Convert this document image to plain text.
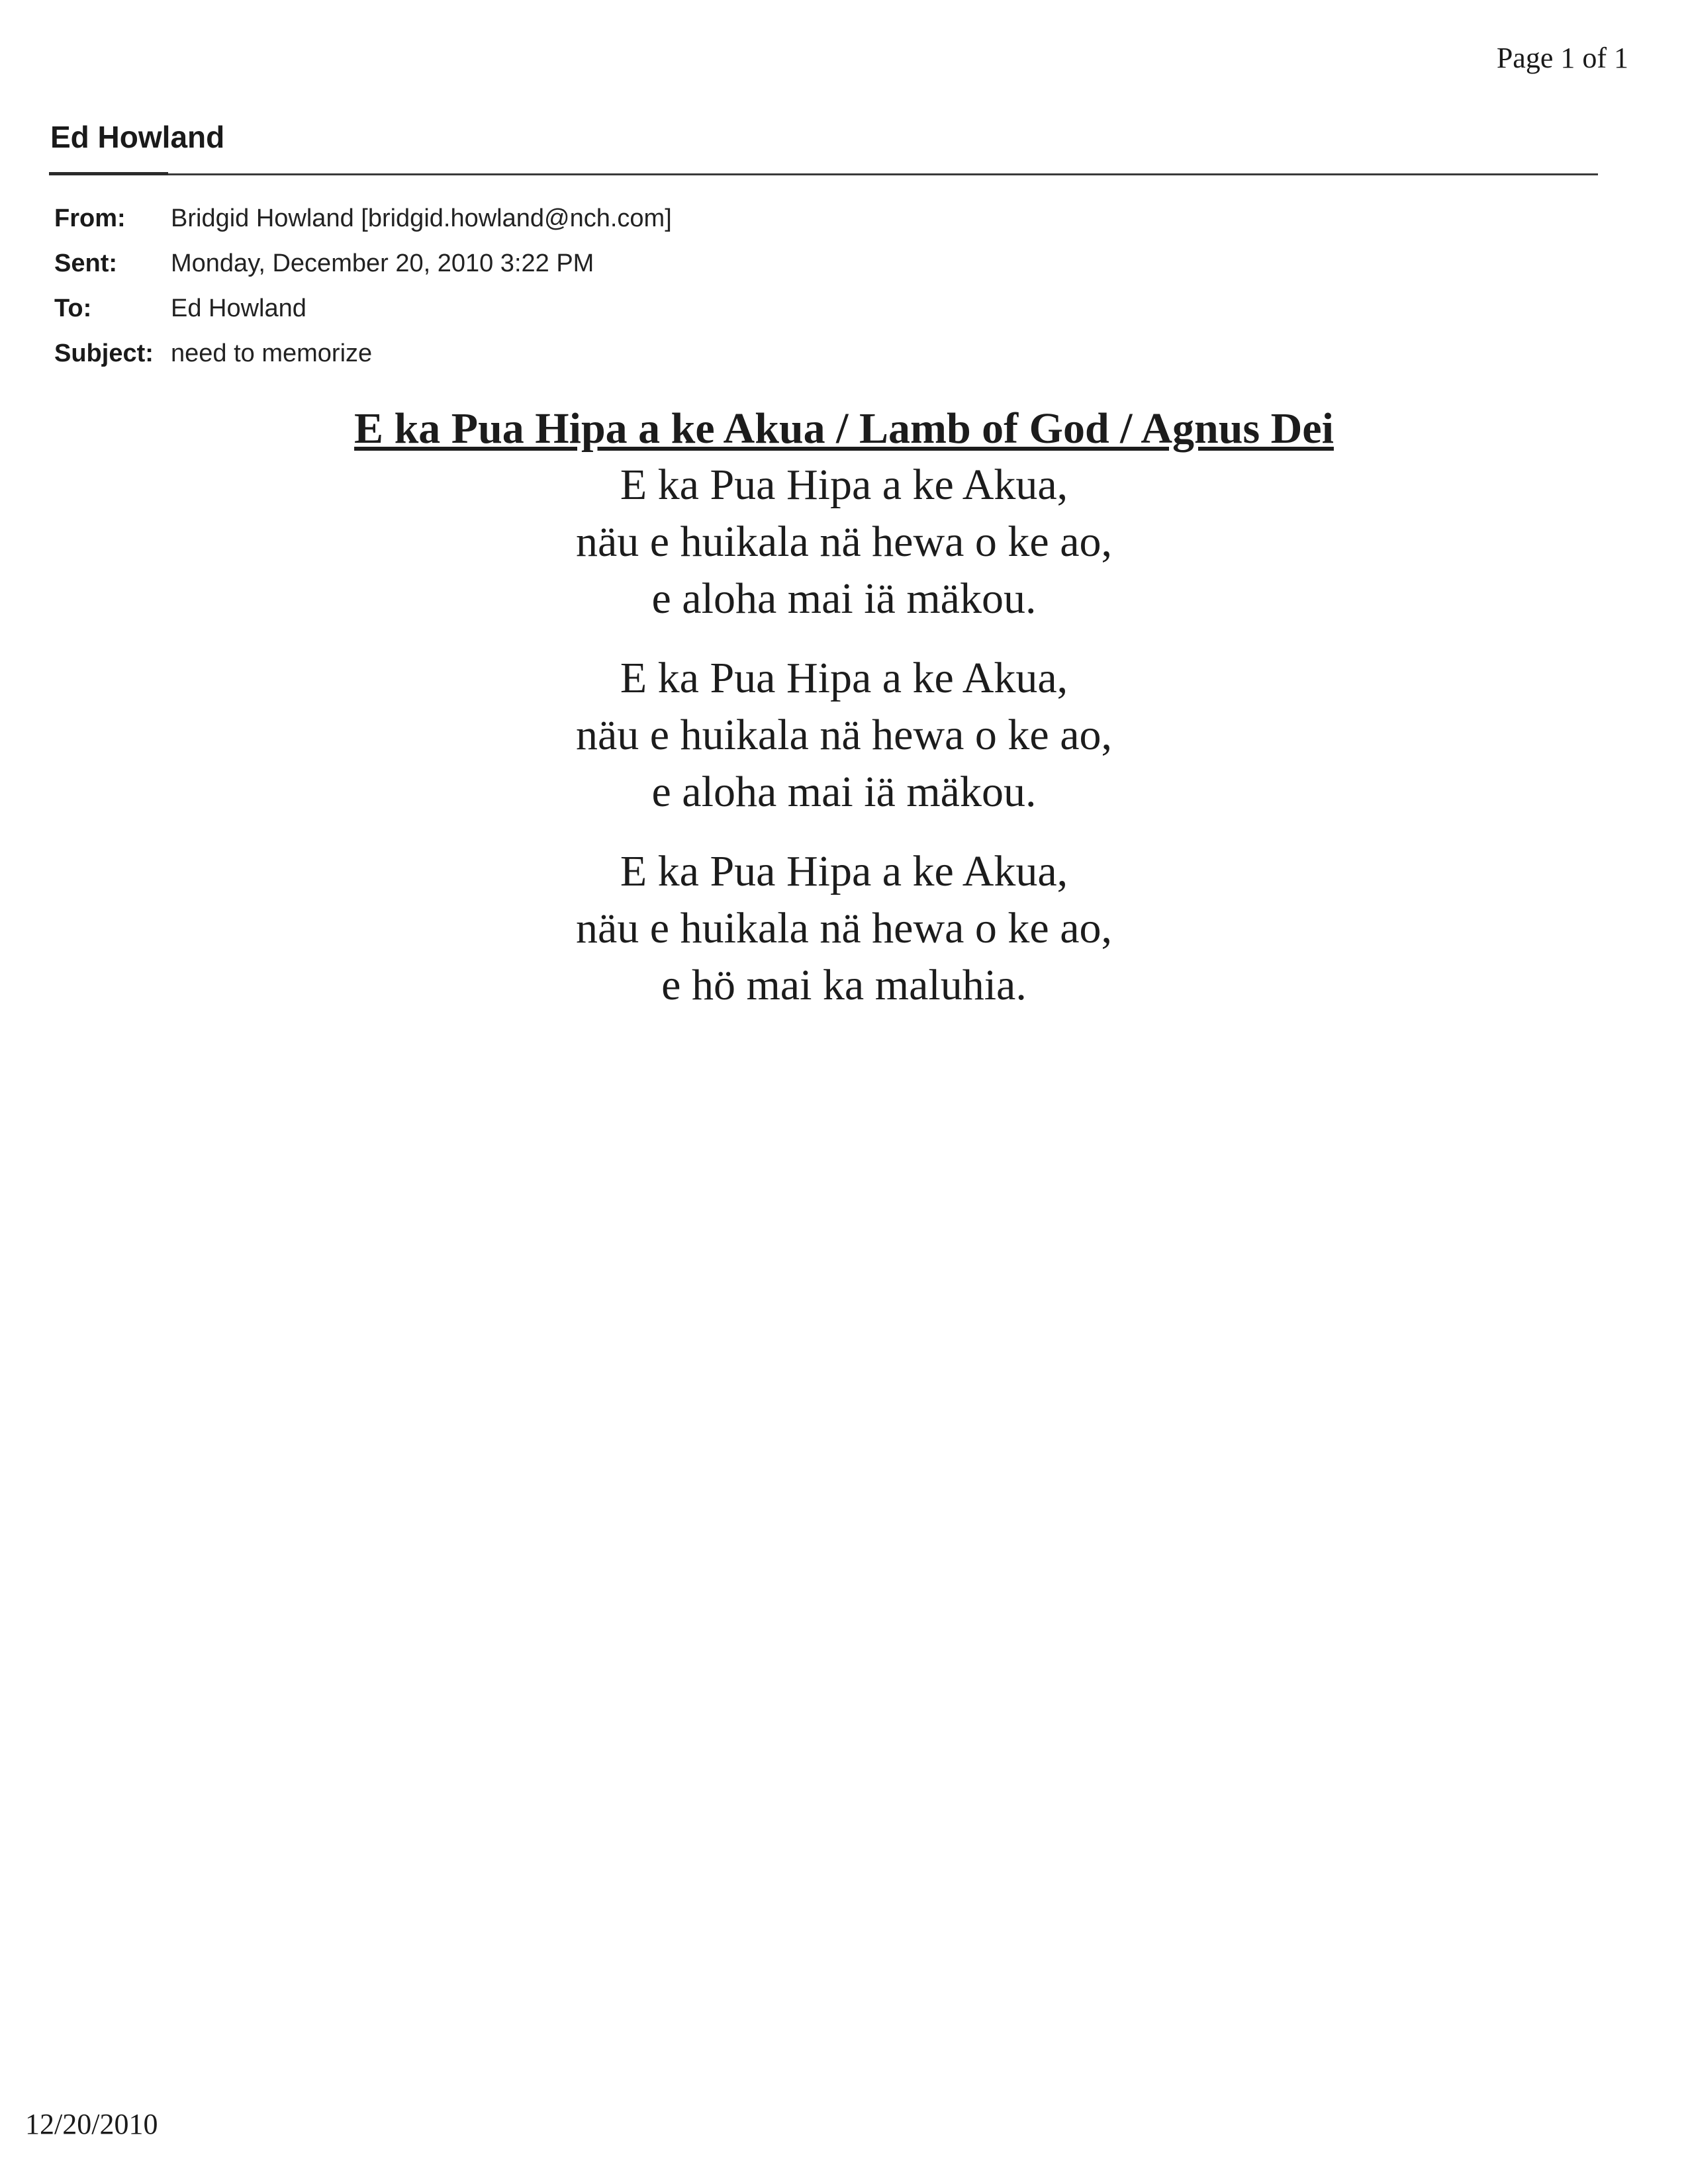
Page 1 of 1
Ed Howland
From:	Bridgid Howland [bridgid.howland@nch.com]
Sent:	Monday, December 20, 2010 3:22 PM
To:	Ed Howland
Subject: need to memorize
E ka Pua Hipa a ke Akua / Lamb of God / Agnus Dei
E ka Pua Hipa a ke Akua,
näu e huikala nä hewa o ke ao,
e aloha mai iä mäkou.
E ka Pua Hipa a ke Akua,
näu e huikala nä hewa o ke ao,
e aloha mai iä mäkou.
E ka Pua Hipa a ke Akua,
näu e huikala nä hewa o ke ao,
e hö mai ka maluhia.
12/20/2010
